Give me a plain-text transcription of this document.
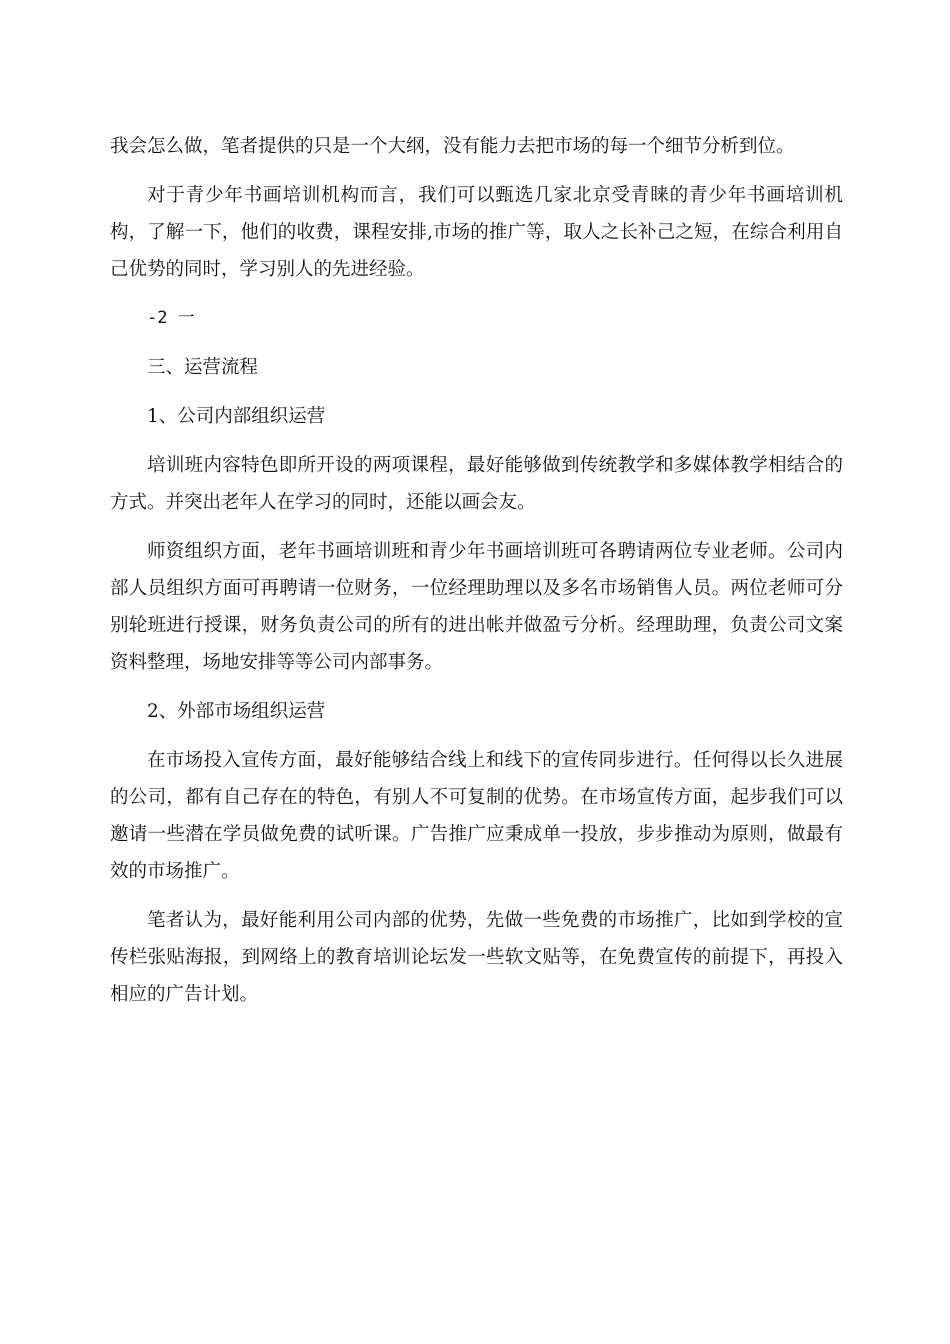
我会怎么做，笔者提供的只是一个大纲，没有能力去把市场的每一个细节分析到位。

对于青少年书画培训机构而言，我们可以甄选几家北京受青睐的青少年书画培训机构，了解一下，他们的收费，课程安排,市场的推广等，取人之长补己之短，在综合利用自己优势的同时，学习别人的先进经验。

-2 一

三、运营流程

1、公司内部组织运营

培训班内容特色即所开设的两项课程，最好能够做到传统教学和多媒体教学相结合的方式。并突出老年人在学习的同时，还能以画会友。

师资组织方面，老年书画培训班和青少年书画培训班可各聘请两位专业老师。公司内部人员组织方面可再聘请一位财务，一位经理助理以及多名市场销售人员。两位老师可分别轮班进行授课，财务负责公司的所有的进出帐并做盈亏分析。经理助理，负责公司文案资料整理，场地安排等等公司内部事务。

2、外部市场组织运营

在市场投入宣传方面，最好能够结合线上和线下的宣传同步进行。任何得以长久进展的公司，都有自己存在的特色，有别人不可复制的优势。在市场宣传方面，起步我们可以邀请一些潜在学员做免费的试听课。广告推广应秉成单一投放，步步推动为原则，做最有效的市场推广。

笔者认为，最好能利用公司内部的优势，先做一些免费的市场推广，比如到学校的宣传栏张贴海报，到网络上的教育培训论坛发一些软文贴等，在免费宣传的前提下，再投入相应的广告计划。
